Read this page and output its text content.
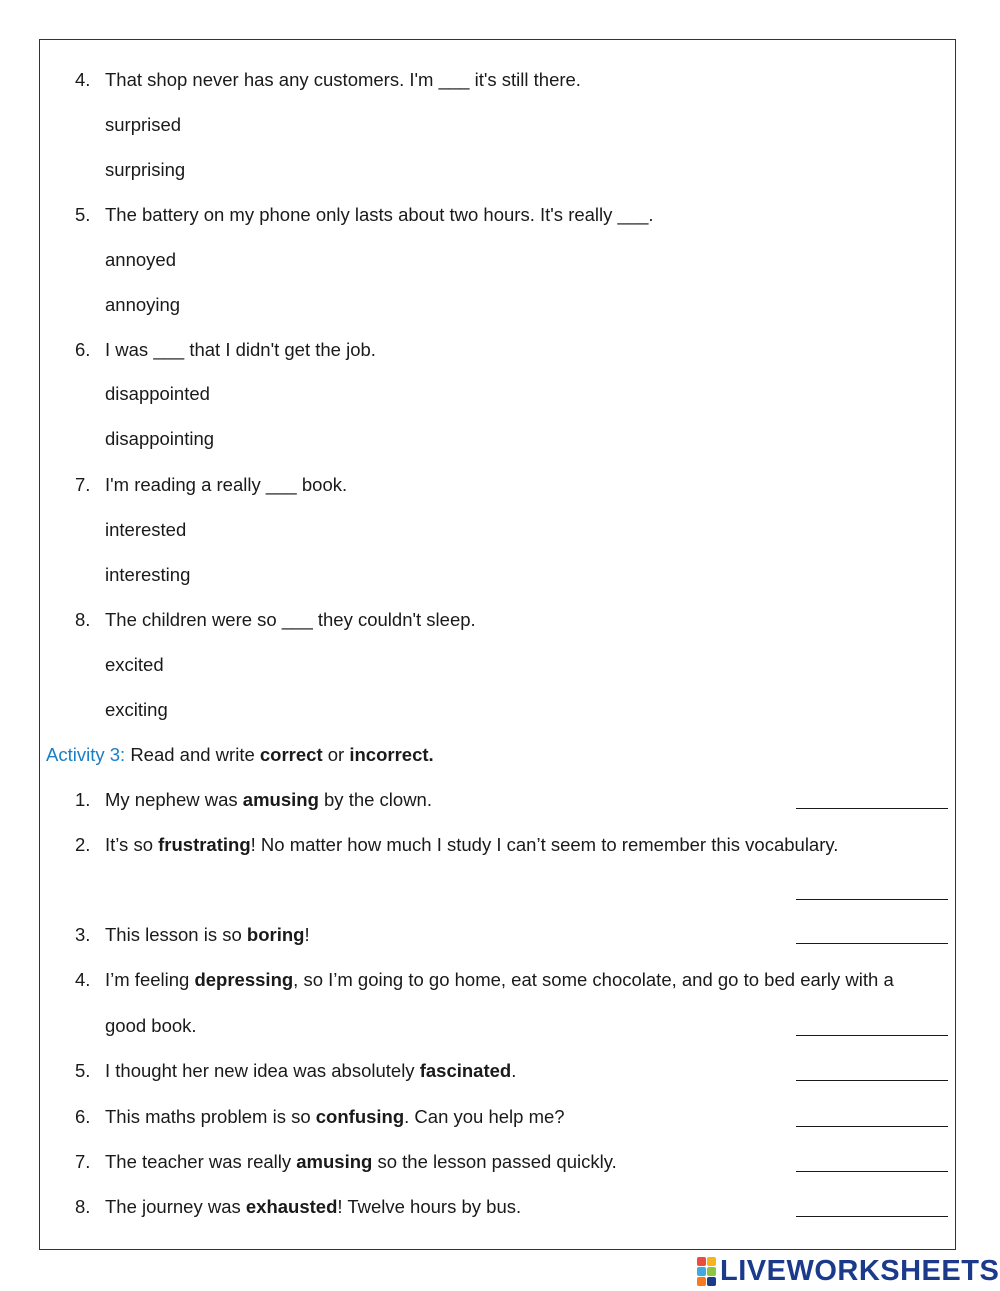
4. That shop never has any customers. I'm ___ it's still there.
surprised
surprising
5. The battery on my phone only lasts about two hours. It's really ___.
annoyed
annoying
6. I was ___ that I didn't get the job.
disappointed
disappointing
7. I'm reading a really ___ book.
interested
interesting
8. The children were so ___ they couldn't sleep.
excited
exciting
Activity 3: Read and write correct or incorrect.
1. My nephew was amusing by the clown.
2. It’s so frustrating! No matter how much I study I can’t seem to remember this vocabulary.
3. This lesson is so boring!
4. I’m feeling depressing, so I’m going to go home, eat some chocolate, and go to bed early with a
good book.
5. I thought her new idea was absolutely fascinated.
6. This maths problem is so confusing. Can you help me?
7. The teacher was really amusing so the lesson passed quickly.
8. The journey was exhausted! Twelve hours by bus.
LIVEWORKSHEETS
